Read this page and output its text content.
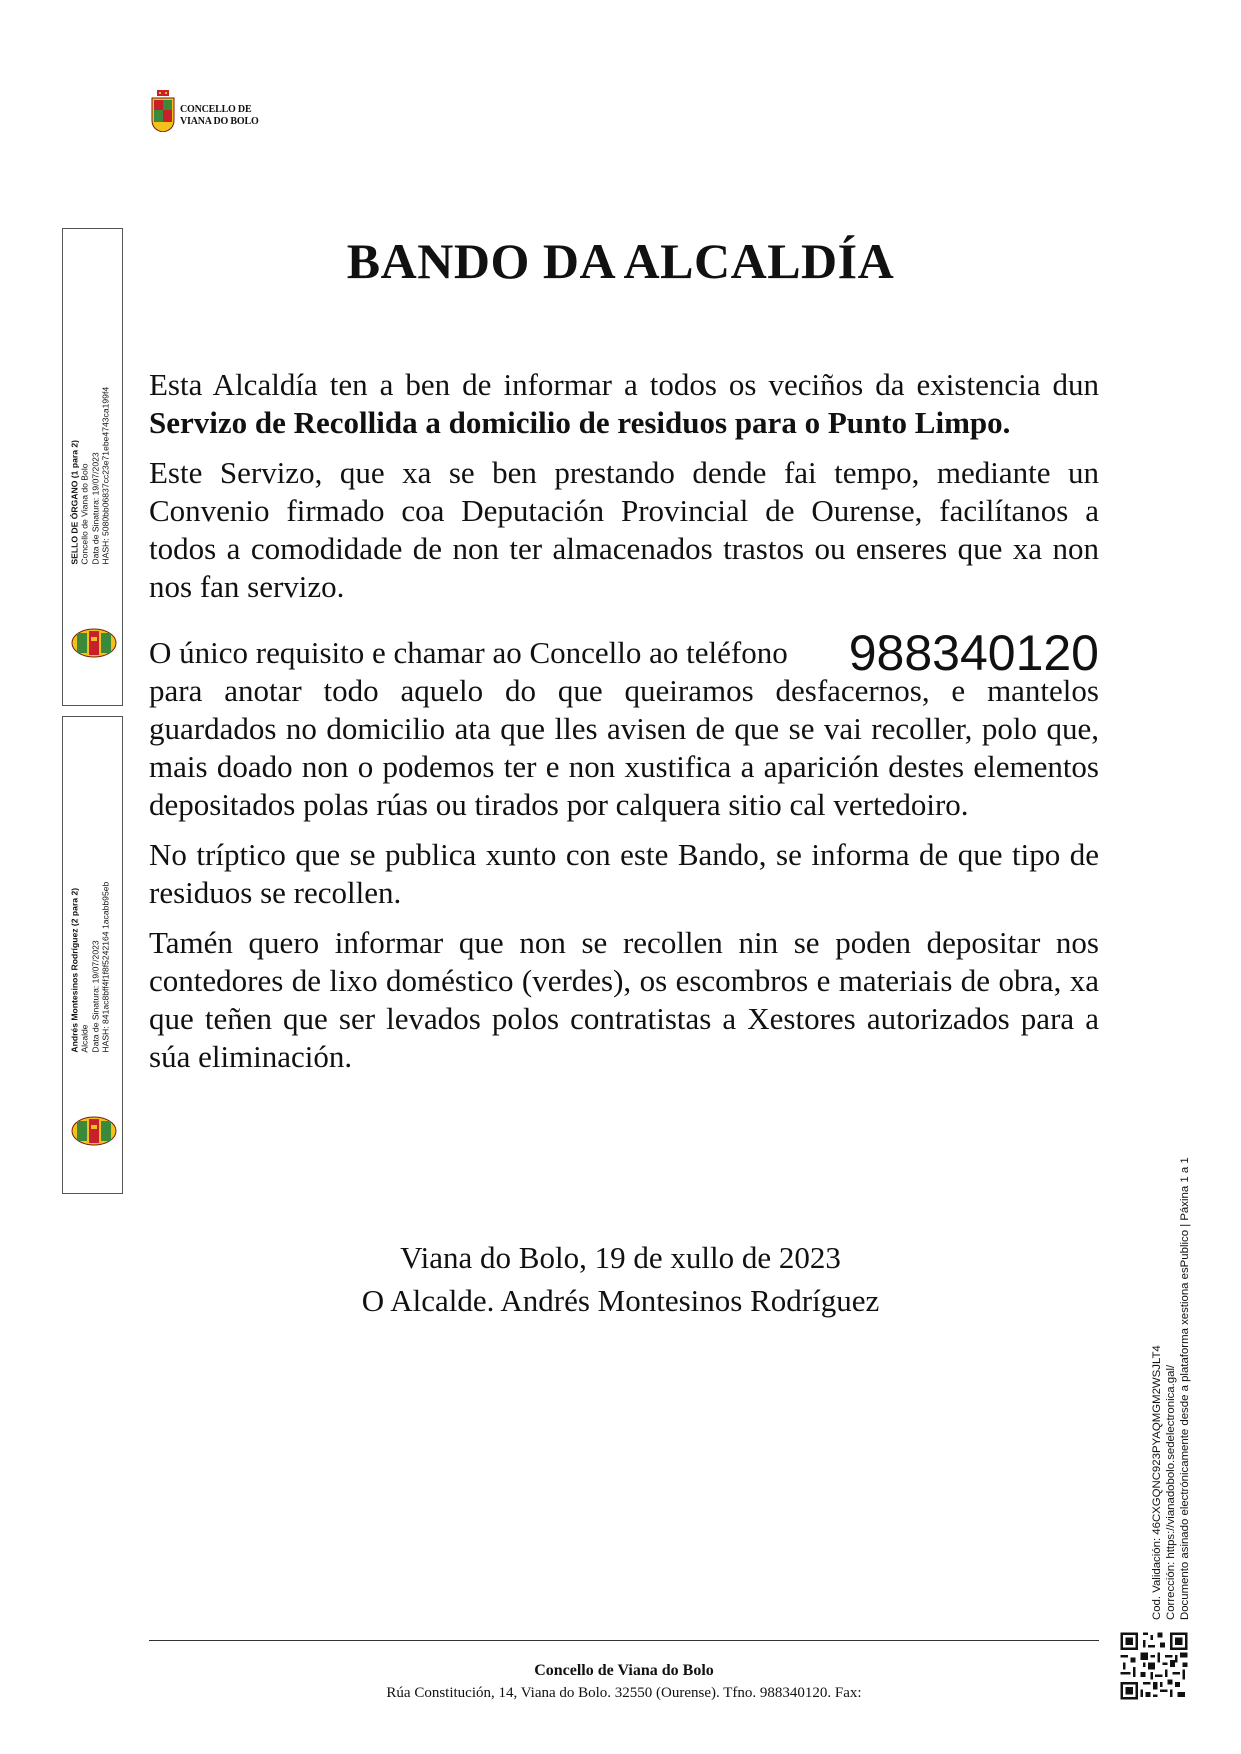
CONCELLO DE
VIANA DO BOLO
SELLO DE ÓRGANO (1 para 2) Concello de Viana do Bolo Data de Sinatura: 19/07/2023 HASH: 5080bb06837cc23e71ebe4743ca199f4
Andrés Montesinos Rodríguez (2 para 2) Alcalde Data de Sinatura: 19/07/2023 HASH: 841ac8bff4f1f8f5242164 1acabb95eb
BANDO DA ALCALDÍA

Esta Alcaldía ten a ben de informar a todos os veciños da existencia dun Servizo de Recollida a domicilio de residuos para o Punto Limpo.

Este Servizo, que xa se ben prestando dende fai tempo, mediante un Convenio firmado coa Deputación Provincial de Ourense, facilítanos a todos a comodidade de non ter almacenados trastos ou enseres que xa non nos fan servizo.

O único requisito e chamar ao Concello ao teléfono 988340120

para anotar todo aquelo do que queiramos desfacernos, e mantelos guardados no domicilio ata que lles avisen de que se vai recoller, polo que, mais doado non o podemos ter e non xustifica a aparición destes elementos depositados polas rúas ou tirados por calquera sitio cal vertedoiro.

No tríptico que se publica xunto con este Bando, se informa de que tipo de residuos se recollen.

Tamén quero informar que non se recollen nin se poden depositar nos contedores de lixo doméstico (verdes), os escombros e materiais de obra, xa que teñen que ser levados polos contratistas a Xestores autorizados para a súa eliminación.

Viana do Bolo, 19 de xullo de 2023
O Alcalde. Andrés Montesinos Rodríguez
Cod. Validación: 46CXGQNC923PYAQMGM2WSJLT4 Corrección: https://vianadobolo.sedelectronica.gal/ Documento asinado electrónicamente desde a plataforma xestiona esPublico | Páxina 1 a 1
Concello de Viana do Bolo
Rúa Constitución, 14, Viana do Bolo. 32550 (Ourense). Tfno. 988340120. Fax:
